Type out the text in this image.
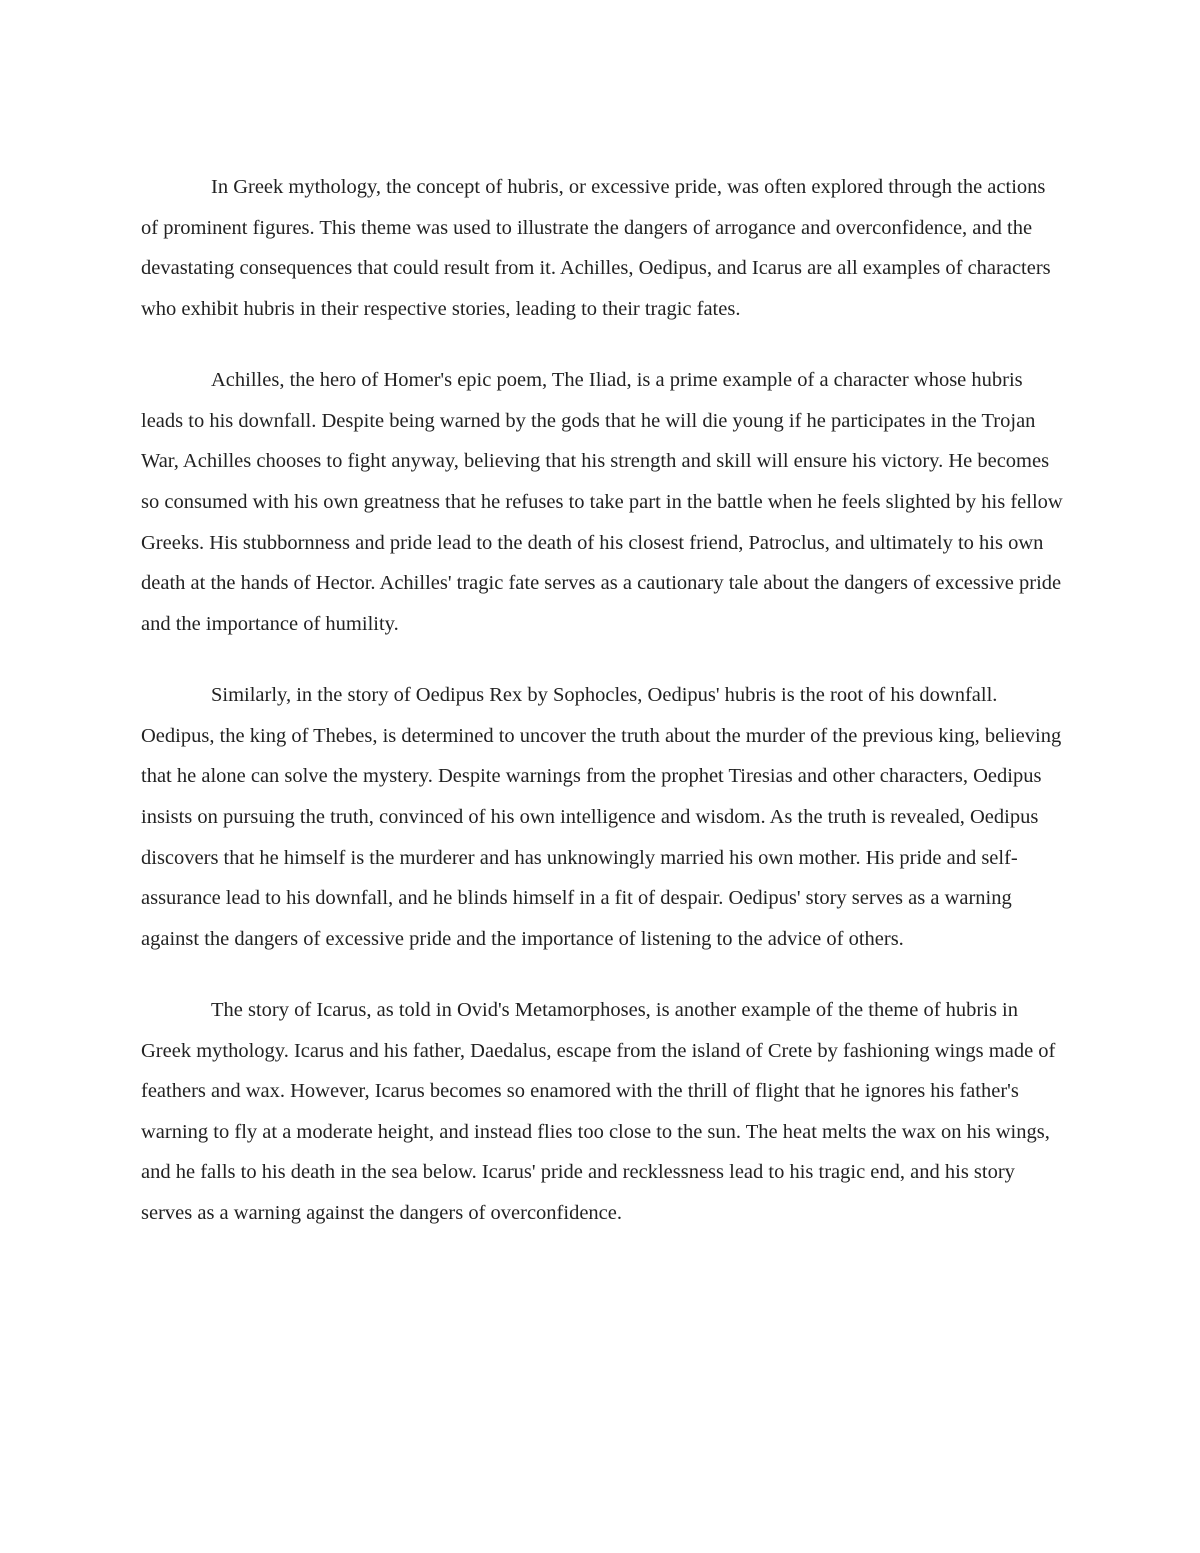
In Greek mythology, the concept of hubris, or excessive pride, was often explored through the actions of prominent figures. This theme was used to illustrate the dangers of arrogance and overconfidence, and the devastating consequences that could result from it. Achilles, Oedipus, and Icarus are all examples of characters who exhibit hubris in their respective stories, leading to their tragic fates.

Achilles, the hero of Homer's epic poem, The Iliad, is a prime example of a character whose hubris leads to his downfall. Despite being warned by the gods that he will die young if he participates in the Trojan War, Achilles chooses to fight anyway, believing that his strength and skill will ensure his victory. He becomes so consumed with his own greatness that he refuses to take part in the battle when he feels slighted by his fellow Greeks. His stubbornness and pride lead to the death of his closest friend, Patroclus, and ultimately to his own death at the hands of Hector. Achilles' tragic fate serves as a cautionary tale about the dangers of excessive pride and the importance of humility.

Similarly, in the story of Oedipus Rex by Sophocles, Oedipus' hubris is the root of his downfall. Oedipus, the king of Thebes, is determined to uncover the truth about the murder of the previous king, believing that he alone can solve the mystery. Despite warnings from the prophet Tiresias and other characters, Oedipus insists on pursuing the truth, convinced of his own intelligence and wisdom. As the truth is revealed, Oedipus discovers that he himself is the murderer and has unknowingly married his own mother. His pride and self-assurance lead to his downfall, and he blinds himself in a fit of despair. Oedipus' story serves as a warning against the dangers of excessive pride and the importance of listening to the advice of others.

The story of Icarus, as told in Ovid's Metamorphoses, is another example of the theme of hubris in Greek mythology. Icarus and his father, Daedalus, escape from the island of Crete by fashioning wings made of feathers and wax. However, Icarus becomes so enamored with the thrill of flight that he ignores his father's warning to fly at a moderate height, and instead flies too close to the sun. The heat melts the wax on his wings, and he falls to his death in the sea below. Icarus' pride and recklessness lead to his tragic end, and his story serves as a warning against the dangers of overconfidence.
